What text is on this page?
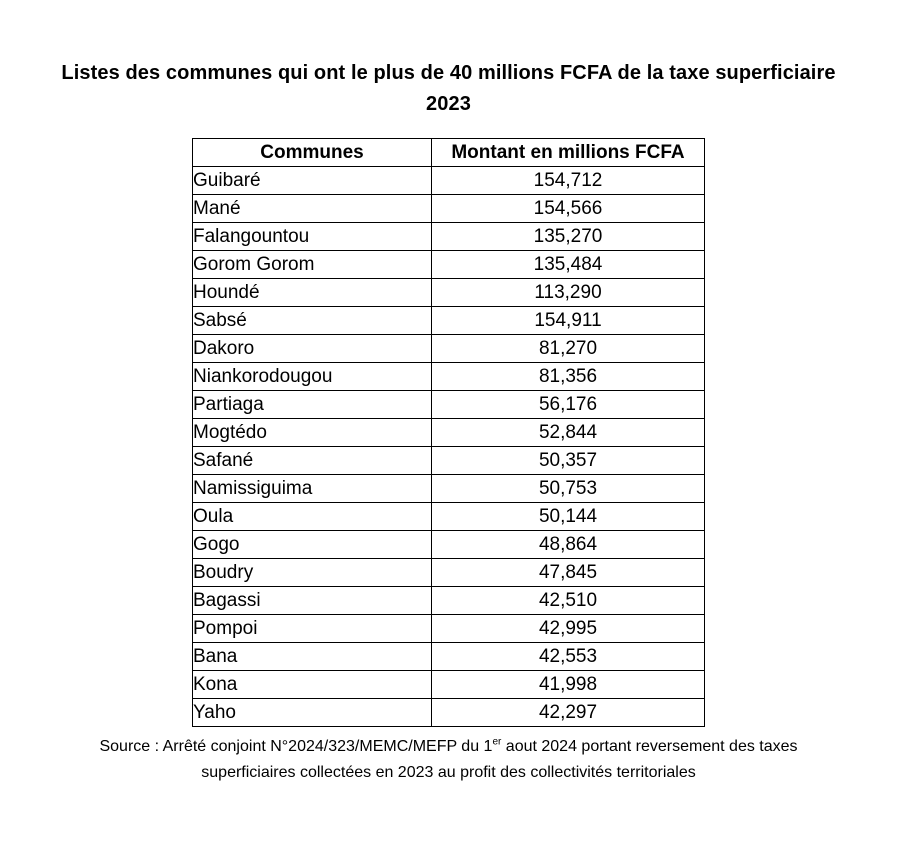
Listes des communes qui ont le plus de 40 millions FCFA de la taxe superficiaire
2023
Communes	Montant en millions FCFA
Guibaré	154,712
Mané	154,566
Falangountou	135,270
Gorom Gorom	135,484
Houndé	113,290
Sabsé	154,911
Dakoro	81,270
Niankorodougou	81,356
Partiaga	56,176
Mogtédo	52,844
Safané	50,357
Namissiguima	50,753
Oula	50,144
Gogo	48,864
Boudry	47,845
Bagassi	42,510
Pompoi	42,995
Bana	42,553
Kona	41,998
Yaho	42,297

Source : Arrêté conjoint N°2024/323/MEMC/MEFP du 1er aout 2024 portant reversement des taxes superficiaires collectées en 2023 au profit des collectivités territoriales
